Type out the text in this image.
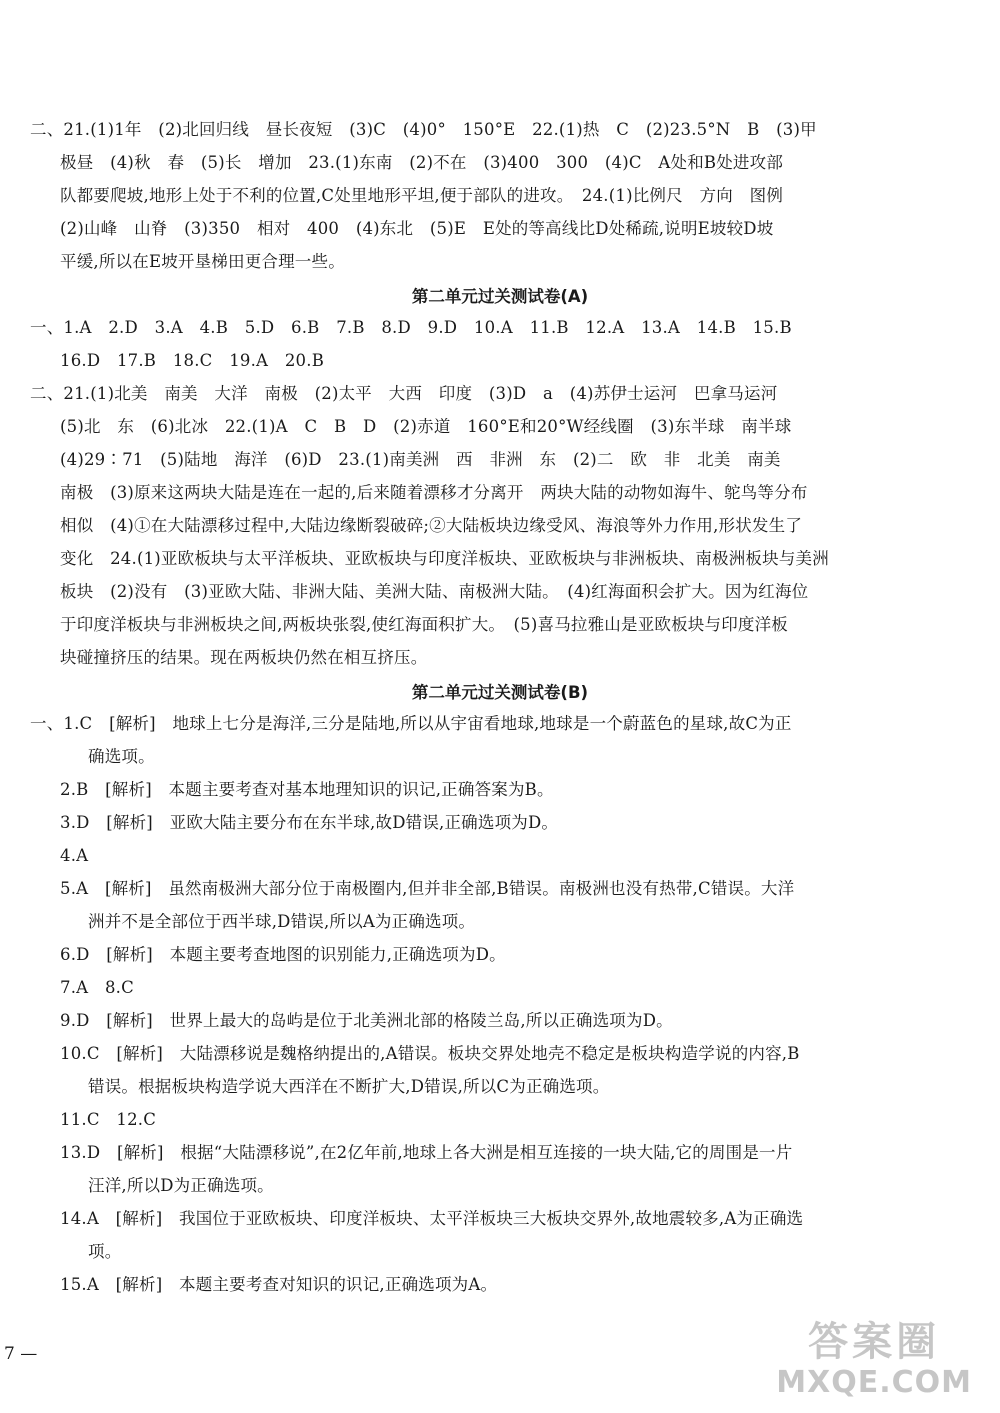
二、21.(1)1年　(2)北回归线　昼长夜短　(3)C　(4)0°　150°E　22.(1)热　C　(2)23.5°N　B　(3)甲
极昼　(4)秋　春　(5)长　增加　23.(1)东南　(2)不在　(3)400　300　(4)C　A处和B处进攻部
队都要爬坡,地形上处于不利的位置,C处里地形平坦,便于部队的进攻。　24.(1)比例尺　方向　图例
(2)山峰　山脊　(3)350　相对　400　(4)东北　(5)E　E处的等高线比D处稀疏,说明E坡较D坡
平缓,所以在E坡开垦梯田更合理一些。
第二单元过关测试卷(A)
一、1.A　2.D　3.A　4.B　5.D　6.B　7.B　8.D　9.D　10.A　11.B　12.A　13.A　14.B　15.B
16.D　17.B　18.C　19.A　20.B
二、21.(1)北美　南美　大洋　南极　(2)太平　大西　印度　(3)D　a　(4)苏伊士运河　巴拿马运河
(5)北　东　(6)北冰　22.(1)A　C　B　D　(2)赤道　160°E和20°W经线圈　(3)东半球　南半球
(4)29∶71　(5)陆地　海洋　(6)D　23.(1)南美洲　西　非洲　东　(2)二　欧　非　北美　南美
南极　(3)原来这两块大陆是连在一起的,后来随着漂移才分离开　两块大陆的动物如海牛、鸵鸟等分布
相似　(4)①在大陆漂移过程中,大陆边缘断裂破碎;②大陆板块边缘受风、海浪等外力作用,形状发生了
变化　24.(1)亚欧板块与太平洋板块、亚欧板块与印度洋板块、亚欧板块与非洲板块、南极洲板块与美洲
板块　(2)没有　(3)亚欧大陆、非洲大陆、美洲大陆、南极洲大陆。　(4)红海面积会扩大。因为红海位
于印度洋板块与非洲板块之间,两板块张裂,使红海面积扩大。　(5)喜马拉雅山是亚欧板块与印度洋板
块碰撞挤压的结果。现在两板块仍然在相互挤压。
第二单元过关测试卷(B)
一、1.C　[解析]　地球上七分是海洋,三分是陆地,所以从宇宙看地球,地球是一个蔚蓝色的星球,故C为正
确选项。
2.B　[解析]　本题主要考查对基本地理知识的识记,正确答案为B。
3.D　[解析]　亚欧大陆主要分布在东半球,故D错误,正确选项为D。
4.A
5.A　[解析]　虽然南极洲大部分位于南极圈内,但并非全部,B错误。南极洲也没有热带,C错误。大洋
洲并不是全部位于西半球,D错误,所以A为正确选项。
6.D　[解析]　本题主要考查地图的识别能力,正确选项为D。
7.A　8.C
9.D　[解析]　世界上最大的岛屿是位于北美洲北部的格陵兰岛,所以正确选项为D。
10.C　[解析]　大陆漂移说是魏格纳提出的,A错误。板块交界处地壳不稳定是板块构造学说的内容,B
错误。根据板块构造学说大西洋在不断扩大,D错误,所以C为正确选项。
11.C　12.C
13.D　[解析]　根据“大陆漂移说”,在2亿年前,地球上各大洲是相互连接的一块大陆,它的周围是一片
汪洋,所以D为正确选项。
14.A　[解析]　我国位于亚欧板块、印度洋板块、太平洋板块三大板块交界外,故地震较多,A为正确选
项。
15.A　[解析]　本题主要考查对知识的识记,正确选项为A。
7 —	答案圈
MXQE.COM
